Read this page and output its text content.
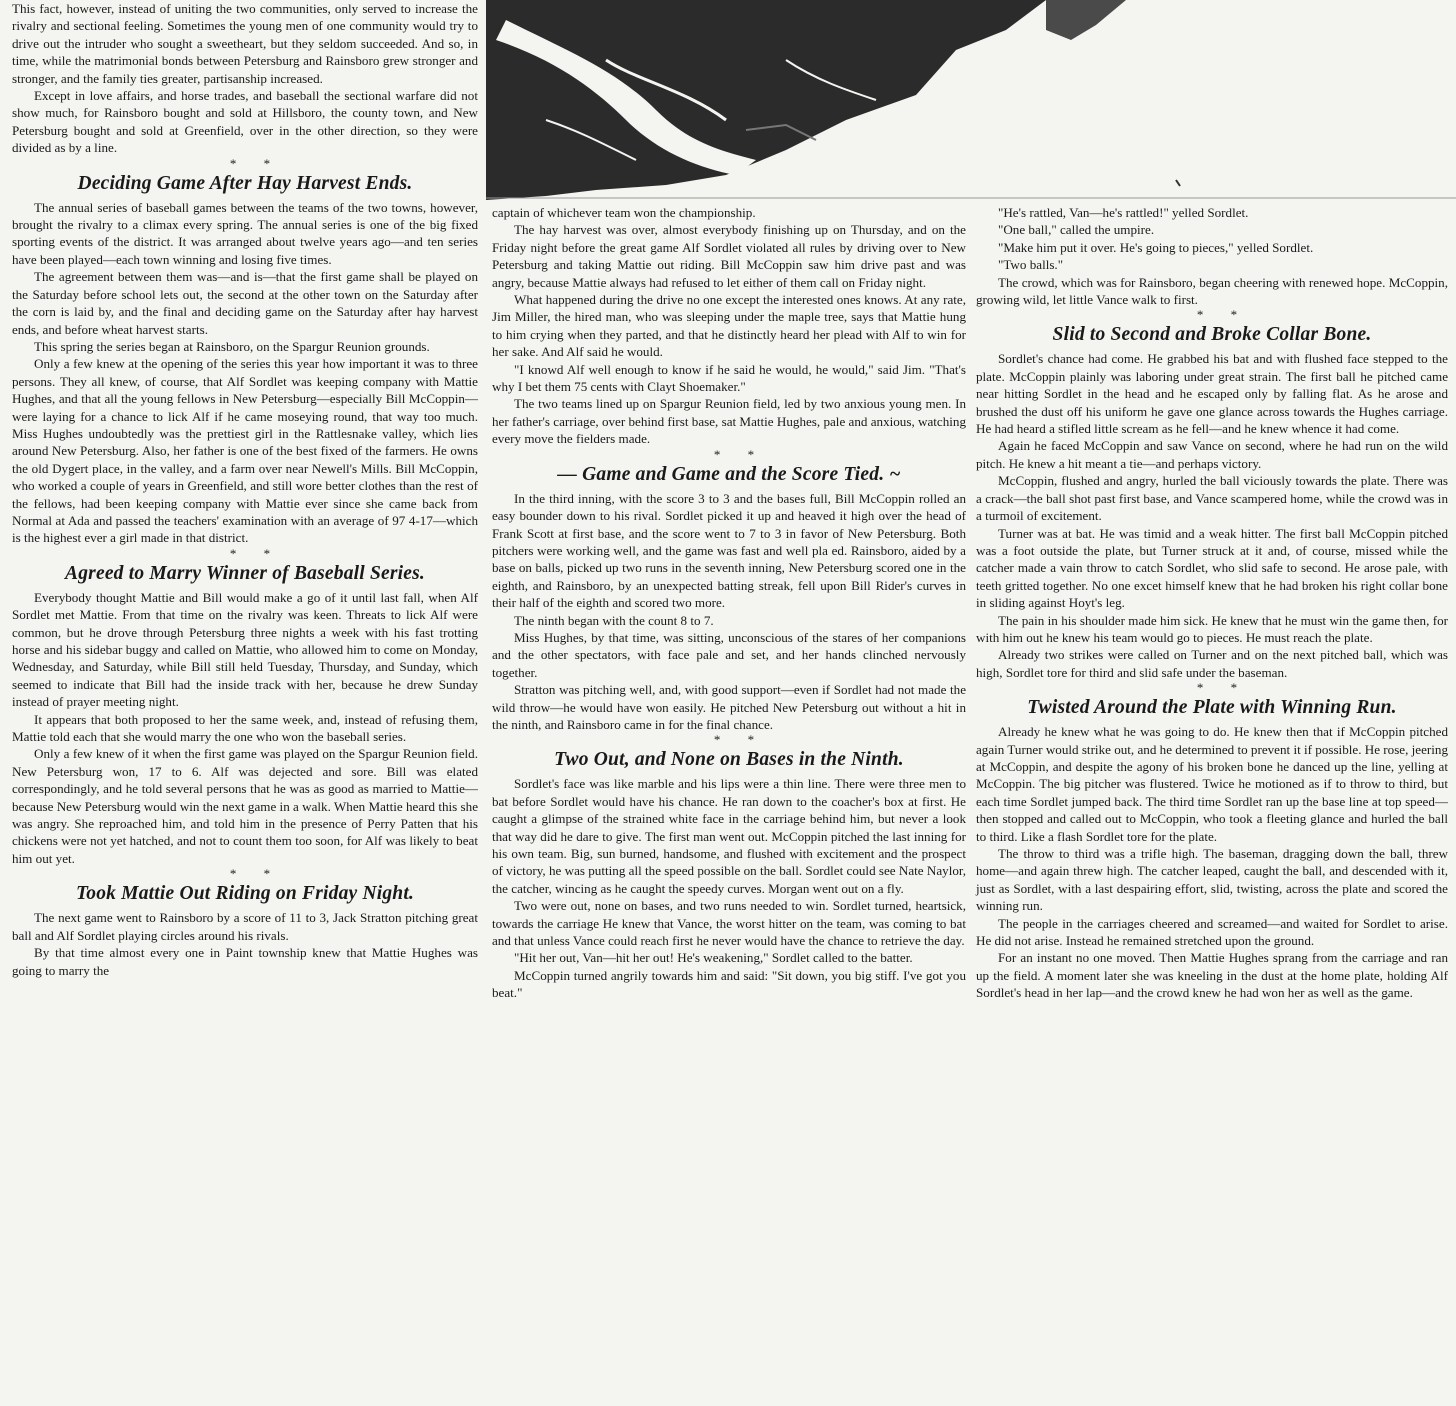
This fact, however, instead of uniting the two communities, only served to increase the rivalry and sectional feeling. Sometimes the young men of one community would try to drive out the intruder who sought a sweetheart, but they seldom succeeded. And so, in time, while the matrimonial bonds between Petersburg and Rainsboro grew stronger and stronger, and the family ties greater, partisanship increased.

Except in love affairs, and horse trades, and baseball the sectional warfare did not show much, for Rainsboro bought and sold at Hillsboro, the county town, and New Petersburg bought and sold at Greenfield, over in the other direction, so they were divided as by a line.

* *

Deciding Game After Hay Harvest Ends.

The annual series of baseball games between the teams of the two towns, however, brought the rivalry to a climax every spring. The annual series is one of the big fixed sporting events of the district. It was arranged about twelve years ago—and ten series have been played—each town winning and losing five times.

The agreement between them was—and is—that the first game shall be played on the Saturday before school lets out, the second at the other town on the Saturday after the corn is laid by, and the final and deciding game on the Saturday after hay harvest ends, and before wheat harvest starts.

This spring the series began at Rainsboro, on the Spargur Reunion grounds.

Only a few knew at the opening of the series this year how important it was to three persons. They all knew, of course, that Alf Sordlet was keeping company with Mattie Hughes, and that all the young fellows in New Petersburg—especially Bill McCoppin—were laying for a chance to lick Alf if he came moseying round, that way too much. Miss Hughes undoubtedly was the prettiest girl in the Rattlesnake valley, which lies around New Petersburg. Also, her father is one of the best fixed of the farmers. He owns the old Dygert place, in the valley, and a farm over near Newell's Mills. Bill McCoppin, who worked a couple of years in Greenfield, and still wore better clothes than the rest of the fellows, had been keeping company with Mattie ever since she came back from Normal at Ada and passed the teachers' examination with an average of 97 4-17—which is the highest ever a girl made in that district.

* *

Agreed to Marry Winner of Baseball Series.

Everybody thought Mattie and Bill would make a go of it until last fall, when Alf Sordlet met Mattie. From that time on the rivalry was keen. Threats to lick Alf were common, but he drove through Petersburg three nights a week with his fast trotting horse and his sidebar buggy and called on Mattie, who allowed him to come on Monday, Wednesday, and Saturday, while Bill still held Tuesday, Thursday, and Sunday, which seemed to indicate that Bill had the inside track with her, because he drew Sunday instead of prayer meeting night.

It appears that both proposed to her the same week, and, instead of refusing them, Mattie told each that she would marry the one who won the baseball series.

Only a few knew of it when the first game was played on the Spargur Reunion field. New Petersburg won, 17 to 6. Alf was dejected and sore. Bill was elated correspondingly, and he told several persons that he was as good as married to Mattie—because New Petersburg would win the next game in a walk. When Mattie heard this she was angry. She reproached him, and told him in the presence of Perry Patten that his chickens were not yet hatched, and not to count them too soon, for Alf was likely to beat him out yet.

* *

Took Mattie Out Riding on Friday Night.

The next game went to Rainsboro by a score of 11 to 3, Jack Stratton pitching great ball and Alf Sordlet playing circles around his rivals.

By that time almost every one in Paint township knew that Mattie Hughes was going to marry the

captain of whichever team won the championship.

The hay harvest was over, almost everybody finishing up on Thursday, and on the Friday night before the great game Alf Sordlet violated all rules by driving over to New Petersburg and taking Mattie out riding. Bill McCoppin saw him drive past and was angry, because Mattie always had refused to let either of them call on Friday night.

What happened during the drive no one except the interested ones knows. At any rate, Jim Miller, the hired man, who was sleeping under the maple tree, says that Mattie hung to him crying when they parted, and that he distinctly heard her plead with Alf to win for her sake. And Alf said he would.

"I knowd Alf well enough to know if he said he would, he would," said Jim. "That's why I bet them 75 cents with Clayt Shoemaker."

The two teams lined up on Spargur Reunion field, led by two anxious young men. In her father's carriage, over behind first base, sat Mattie Hughes, pale and anxious, watching every move the fielders made.

* *

— Game and Game and the Score Tied. ~

In the third inning, with the score 3 to 3 and the bases full, Bill McCoppin rolled an easy bounder down to his rival. Sordlet picked it up and heaved it high over the head of Frank Scott at first base, and the score went to 7 to 3 in favor of New Petersburg. Both pitchers were working well, and the game was fast and well pla ed. Rainsboro, aided by a base on balls, picked up two runs in the seventh inning, New Petersburg scored one in the eighth, and Rainsboro, by an unexpected batting streak, fell upon Bill Rider's curves in their half of the eighth and scored two more.

The ninth began with the count 8 to 7.

Miss Hughes, by that time, was sitting, unconscious of the stares of her companions and the other spectators, with face pale and set, and her hands clinched nervously together.

Stratton was pitching well, and, with good support—even if Sordlet had not made the wild throw—he would have won easily. He pitched New Petersburg out without a hit in the ninth, and Rainsboro came in for the final chance.

* *

Two Out, and None on Bases in the Ninth.

Sordlet's face was like marble and his lips were a thin line. There were three men to bat before Sordlet would have his chance. He ran down to the coacher's box at first. He caught a glimpse of the strained white face in the carriage behind him, but never a look that way did he dare to give. The first man went out. McCoppin pitched the last inning for his own team. Big, sun burned, handsome, and flushed with excitement and the prospect of victory, he was putting all the speed possible on the ball. Sordlet could see Nate Naylor, the catcher, wincing as he caught the speedy curves. Morgan went out on a fly.

Two were out, none on bases, and two runs needed to win. Sordlet turned, heartsick, towards the carriage He knew that Vance, the worst hitter on the team, was coming to bat and that unless Vance could reach first he never would have the chance to retrieve the day.

"Hit her out, Van—hit her out! He's weakening," Sordlet called to the batter.

McCoppin turned angrily towards him and said: "Sit down, you big stiff. I've got you beat."

"He's rattled, Van—he's rattled!" yelled Sordlet.

"One ball," called the umpire.

"Make him put it over. He's going to pieces," yelled Sordlet.

"Two balls."

The crowd, which was for Rainsboro, began cheering with renewed hope. McCoppin, growing wild, let little Vance walk to first.

* *

Slid to Second and Broke Collar Bone.

Sordlet's chance had come. He grabbed his bat and with flushed face stepped to the plate. McCoppin plainly was laboring under great strain. The first ball he pitched came near hitting Sordlet in the head and he escaped only by falling flat. As he arose and brushed the dust off his uniform he gave one glance across towards the Hughes carriage. He had heard a stifled little scream as he fell—and he knew whence it had come.

Again he faced McCoppin and saw Vance on second, where he had run on the wild pitch. He knew a hit meant a tie—and perhaps victory.

McCoppin, flushed and angry, hurled the ball viciously towards the plate. There was a crack—the ball shot past first base, and Vance scampered home, while the crowd was in a turmoil of excitement.

Turner was at bat. He was timid and a weak hitter. The first ball McCoppin pitched was a foot outside the plate, but Turner struck at it and, of course, missed while the catcher made a vain throw to catch Sordlet, who slid safe to second. He arose pale, with teeth gritted together. No one excet himself knew that he had broken his right collar bone in sliding against Hoyt's leg.

The pain in his shoulder made him sick. He knew that he must win the game then, for with him out he knew his team would go to pieces. He must reach the plate.

Already two strikes were called on Turner and on the next pitched ball, which was high, Sordlet tore for third and slid safe under the baseman.

* *

Twisted Around the Plate with Winning Run.

Already he knew what he was going to do. He knew then that if McCoppin pitched again Turner would strike out, and he determined to prevent it if possible. He rose, jeering at McCoppin, and despite the agony of his broken bone he danced up the line, yelling at McCoppin. The big pitcher was flustered. Twice he motioned as if to throw to third, but each time Sordlet jumped back. The third time Sordlet ran up the base line at top speed—then stopped and called out to McCoppin, who took a fleeting glance and hurled the ball to third. Like a flash Sordlet tore for the plate.

The throw to third was a trifle high. The baseman, dragging down the ball, threw home—and again threw high. The catcher leaped, caught the ball, and descended with it, just as Sordlet, with a last despairing effort, slid, twisting, across the plate and scored the winning run.

The people in the carriages cheered and screamed—and waited for Sordlet to arise. He did not arise. Instead he remained stretched upon the ground.

For an instant no one moved. Then Mattie Hughes sprang from the carriage and ran up the field. A moment later she was kneeling in the dust at the home plate, holding Alf Sordlet's head in her lap—and the crowd knew he had won her as well as the game.
